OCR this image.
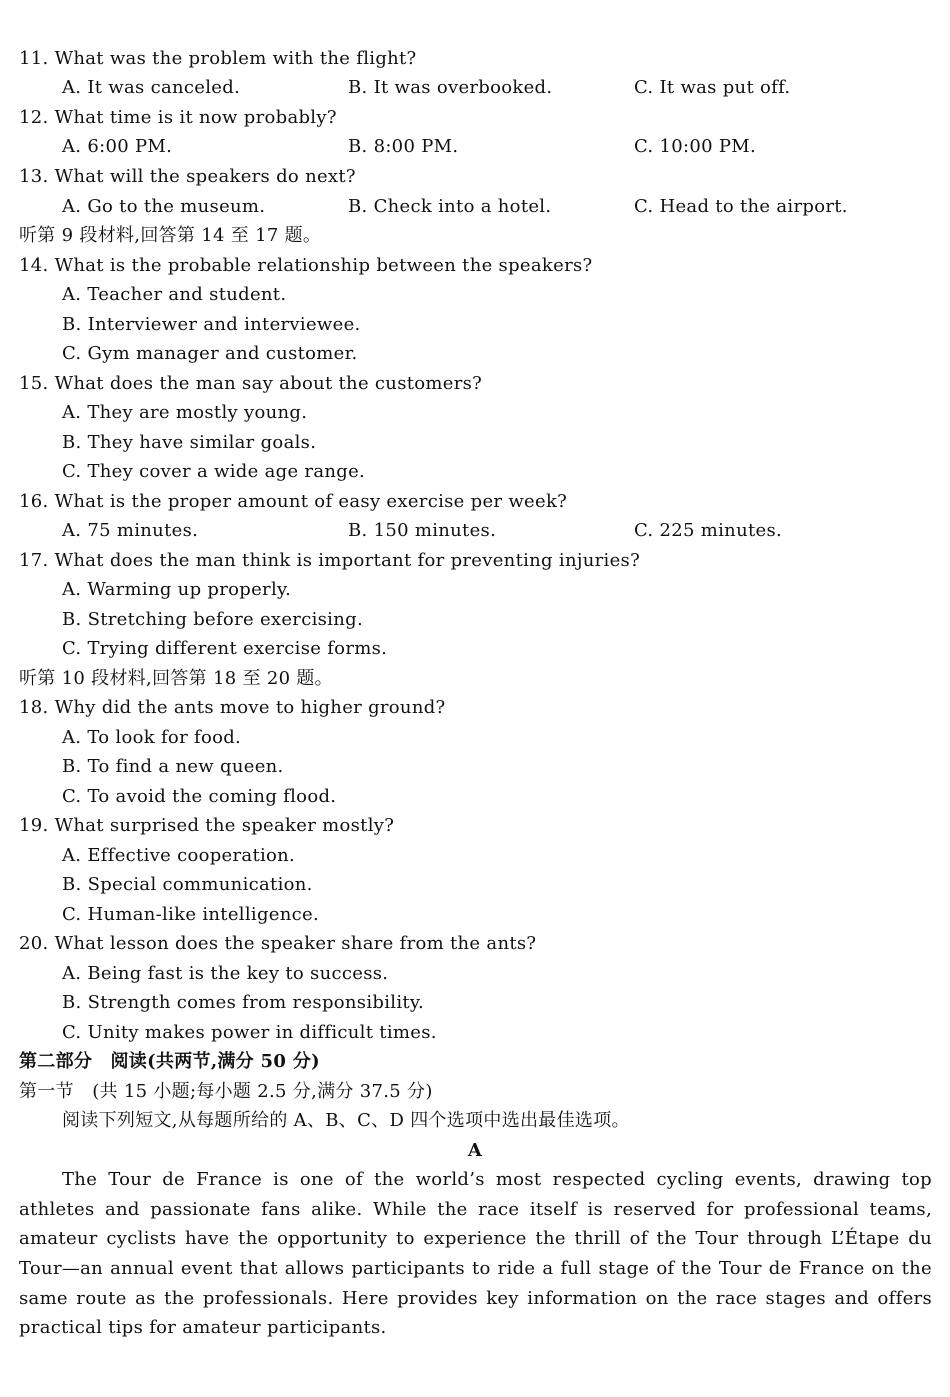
11. What was the problem with the flight?
A. It was canceled.	B. It was overbooked.	C. It was put off.
12. What time is it now probably?
A. 6:00 PM.	B. 8:00 PM.	C. 10:00 PM.
13. What will the speakers do next?
A. Go to the museum.	B. Check into a hotel.	C. Head to the airport.
听第 9 段材料,回答第 14 至 17 题。
14. What is the probable relationship between the speakers?
A. Teacher and student.
B. Interviewer and interviewee.
C. Gym manager and customer.
15. What does the man say about the customers?
A. They are mostly young.
B. They have similar goals.
C. They cover a wide age range.
16. What is the proper amount of easy exercise per week?
A. 75 minutes.	B. 150 minutes.	C. 225 minutes.
17. What does the man think is important for preventing injuries?
A. Warming up properly.
B. Stretching before exercising.
C. Trying different exercise forms.
听第 10 段材料,回答第 18 至 20 题。
18. Why did the ants move to higher ground?
A. To look for food.
B. To find a new queen.
C. To avoid the coming flood.
19. What surprised the speaker mostly?
A. Effective cooperation.
B. Special communication.
C. Human-like intelligence.
20. What lesson does the speaker share from the ants?
A. Being fast is the key to success.
B. Strength comes from responsibility.
C. Unity makes power in difficult times.
第二部分　阅读(共两节,满分 50 分)
第一节　(共 15 小题;每小题 2.5 分,满分 37.5 分)
阅读下列短文,从每题所给的 A、B、C、D 四个选项中选出最佳选项。
A
The Tour de France is one of the world’s most respected cycling events, drawing top
athletes and passionate fans alike. While the race itself is reserved for professional teams,
amateur cyclists have the opportunity to experience the thrill of the Tour through L’Étape du
Tour—an annual event that allows participants to ride a full stage of the Tour de France on the
same route as the professionals. Here provides key information on the race stages and offers
practical tips for amateur participants.
